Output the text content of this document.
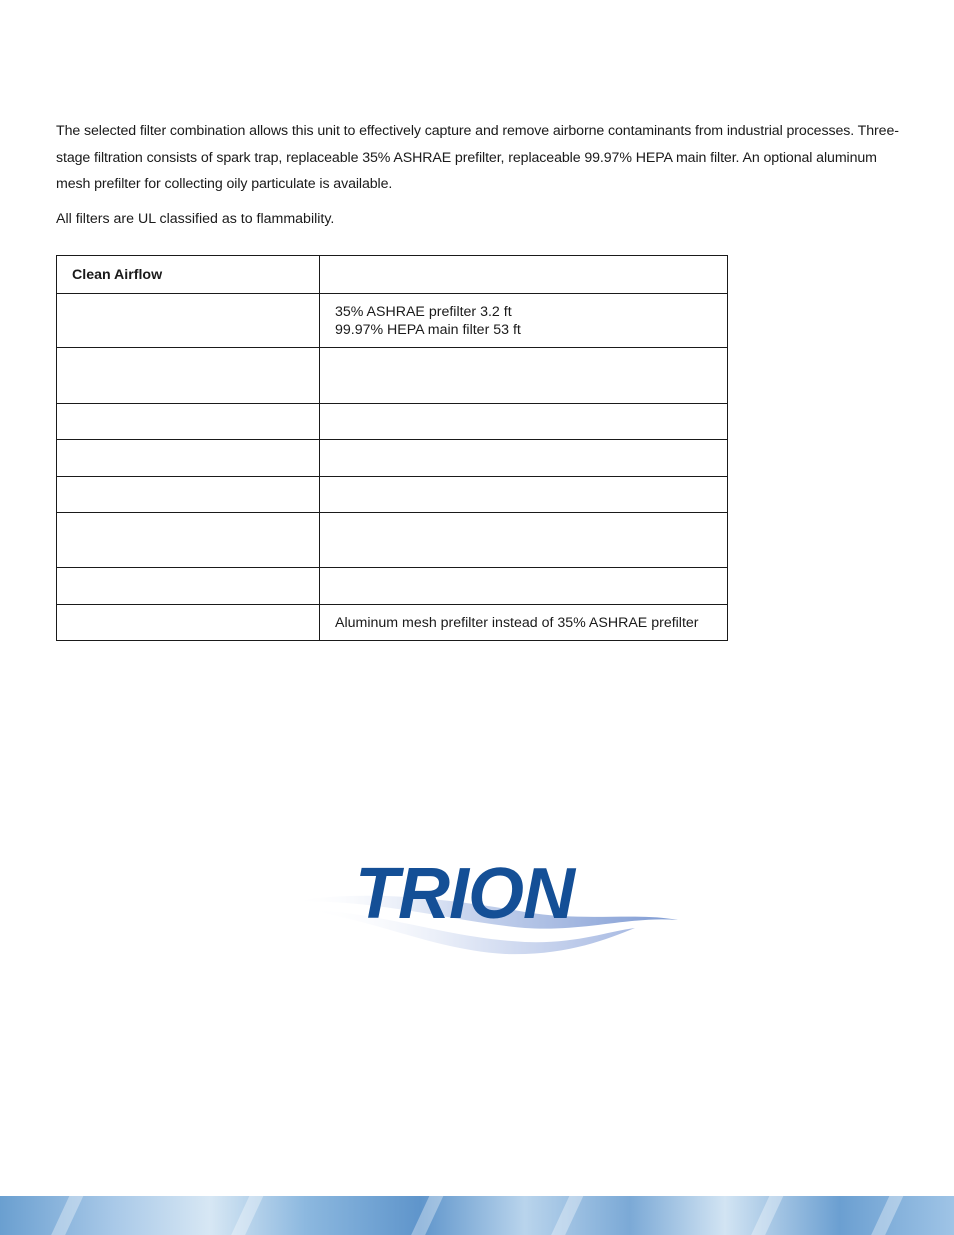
The selected filter combination allows this unit to effectively capture and remove airborne contaminants from industrial processes. Three-stage filtration consists of spark trap, replaceable 35% ASHRAE prefilter, replaceable 99.97% HEPA main filter. An optional aluminum mesh prefilter for collecting oily particulate is available.

All filters are UL classified as to flammability.

Clean Airflow	

	35% ASHRAE prefilter 3.2 ft
99.97% HEPA main filter 53 ft

	Aluminum mesh prefilter instead of 35% ASHRAE prefilter
TRION
